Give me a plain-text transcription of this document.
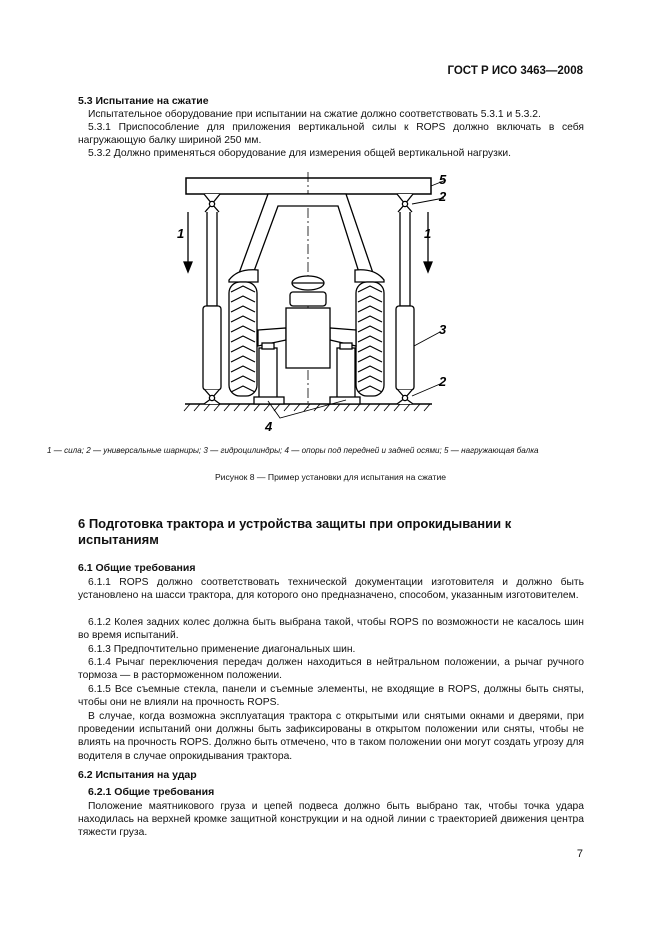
ГОСТ Р ИСО 3463—2008
5.3 Испытание на сжатие
Испытательное оборудование при испытании на сжатие должно соответствовать 5.3.1 и 5.3.2.
5.3.1 Приспособление для приложения вертикальной силы к ROPS должно включать в себя нагружающую балку шириной 250 мм.
5.3.2 Должно применяться оборудование для измерения общей вертикальной нагрузки.
5
2
1	1
3
2
4
1 — сила; 2 — универсальные шарниры; 3 — гидроцилиндры; 4 — опоры под передней и задней осями; 5 — нагружающая балка
Рисунок 8 — Пример установки для испытания на сжатие
6 Подготовка трактора и устройства защиты при опрокидывании к испытаниям
6.1 Общие требования
6.1.1 ROPS должно соответствовать технической документации изготовителя и должно быть установлено на шасси трактора, для которого оно предназначено, способом, указанным изготовителем.
6.1.2 Колея задних колес должна быть выбрана такой, чтобы ROPS по возможности не касалось шин во время испытаний.
6.1.3 Предпочтительно применение диагональных шин.
6.1.4 Рычаг переключения передач должен находиться в нейтральном положении, а рычаг ручного тормоза — в расторможенном положении.
6.1.5 Все съемные стекла, панели и съемные элементы, не входящие в ROPS, должны быть сняты, чтобы они не влияли на прочность ROPS.
В случае, когда возможна эксплуатация трактора с открытыми или снятыми окнами и дверями, при проведении испытаний они должны быть зафиксированы в открытом положении или сняты, чтобы не влиять на прочность ROPS. Должно быть отмечено, что в таком положении они могут создать угрозу для водителя в случае опрокидывания трактора.
6.2 Испытания на удар
6.2.1 Общие требования
Положение маятникового груза и цепей подвеса должно быть выбрано так, чтобы точка удара находилась на верхней кромке защитной конструкции и на одной линии с траекторией движения центра тяжести груза.
7
